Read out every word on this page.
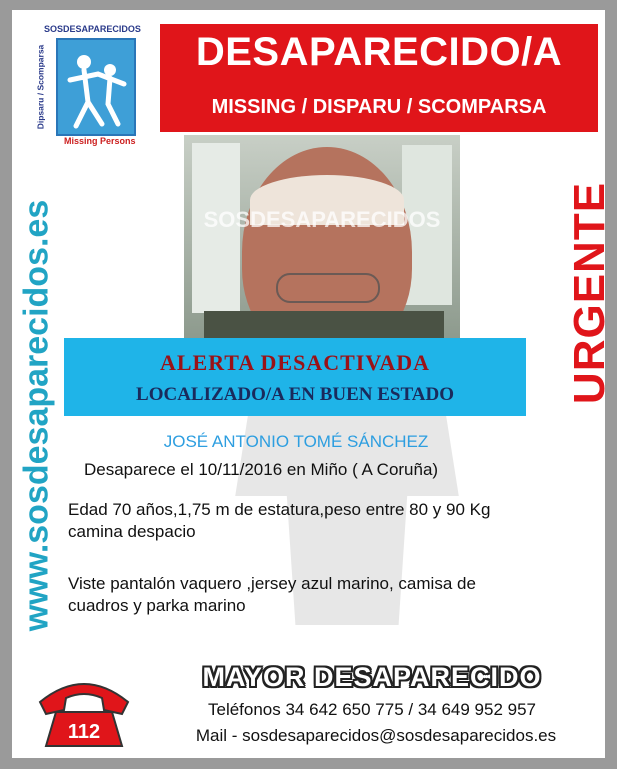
SOSDESAPARECIDOS
Missing Persons
Dipsaru / Scomparsa	DESAPARECIDO/A
MISSING / DISPARU / SCOMPARSA
www.sosdesaparecidos.es	URGENTE
SOSDESAPARECIDOS
ALERTA DESACTIVADA
LOCALIZADO/A EN BUEN ESTADO
JOSÉ ANTONIO TOMÉ SÁNCHEZ
Desaparece el 10/11/2016 en Miño ( A Coruña)
Edad 70 años,1,75 m de estatura,peso entre 80 y 90 Kg
camina despacio
Viste pantalón vaquero ,jersey azul marino, camisa de
cuadros y parka marino
112
MAYOR DESAPARECIDO
Teléfonos 34 642 650 775 / 34 649 952 957
Mail - sosdesaparecidos@sosdesaparecidos.es
